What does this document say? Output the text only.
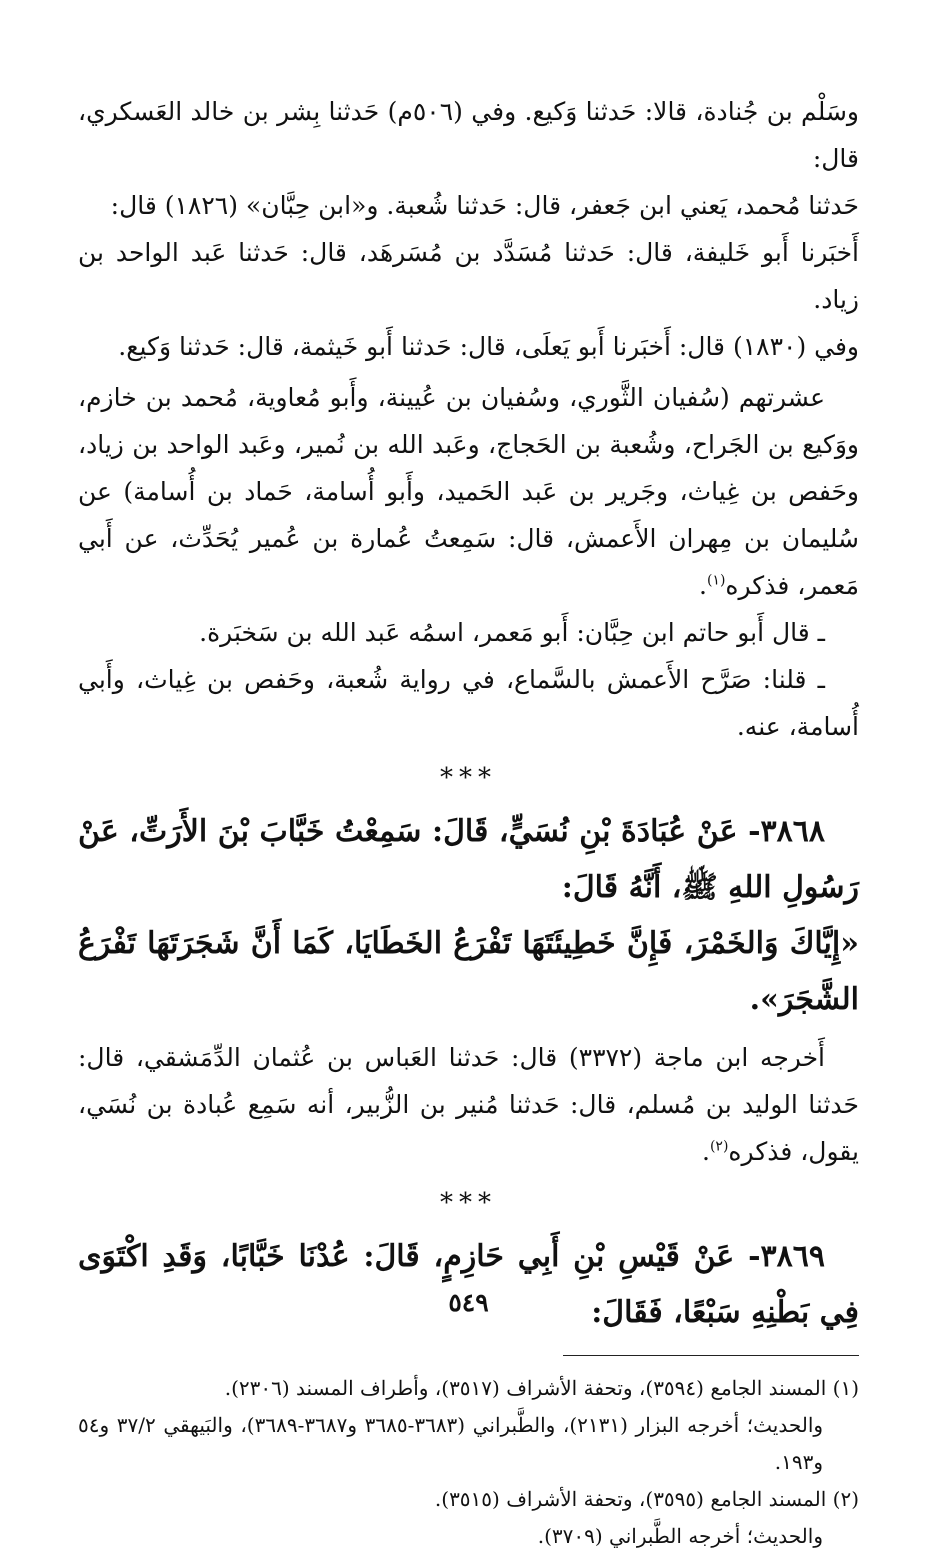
وسَلْم بن جُنادة، قالا: حَدثنا وَكيع. وفي (٥٠٦م) حَدثنا بِشر بن خالد العَسكري، قال:

حَدثنا مُحمد، يَعني ابن جَعفر، قال: حَدثنا شُعبة. و«ابن حِبَّان» (١٨٢٦) قال:

أَخبَرنا أَبو خَليفة، قال: حَدثنا مُسَدَّد بن مُسَرهَد، قال: حَدثنا عَبد الواحد بن زياد.

وفي (١٨٣٠) قال: أَخبَرنا أَبو يَعلَى، قال: حَدثنا أَبو خَيثمة، قال: حَدثنا وَكيع.

عشرتهم (سُفيان الثَّوري، وسُفيان بن عُيينة، وأَبو مُعاوية، مُحمد بن خازم، ووَكيع بن الجَراح، وشُعبة بن الحَجاج، وعَبد الله بن نُمير، وعَبد الواحد بن زياد، وحَفص بن غِياث، وجَرير بن عَبد الحَميد، وأَبو أُسامة، حَماد بن أُسامة) عن سُليمان بن مِهران الأَعمش، قال: سَمِعتُ عُمارة بن عُمير يُحَدِّث، عن أَبي مَعمر، فذكره$^{(١)}$.

ـ قال أَبو حاتم ابن حِبَّان: أَبو مَعمر، اسمُه عَبد الله بن سَخبَرة.

ـ قلنا: صَرَّح الأَعمش بالسَّماع، في رواية شُعبة، وحَفص بن غِياث، وأَبي أُسامة، عنه.

***

٣٨٦٨- عَنْ عُبَادَةَ بْنِ نُسَيٍّ، قَالَ: سَمِعْتُ خَبَّابَ بْنَ الأَرَتِّ، عَنْ رَسُولِ اللهِ ﷺ، أَنَّهُ قَالَ:

«إِيَّاكَ وَالخَمْرَ، فَإِنَّ خَطِيئَتَهَا تَفْرَعُ الخَطَايَا، كَمَا أَنَّ شَجَرَتَهَا تَفْرَعُ الشَّجَرَ».

أَخرجه ابن ماجة (٣٣٧٢) قال: حَدثنا العَباس بن عُثمان الدِّمَشقي، قال: حَدثنا الوليد بن مُسلم، قال: حَدثنا مُنير بن الزُّبير، أنه سَمِع عُبادة بن نُسَي، يقول، فذكره$^{(٢)}$.

***

٣٨٦٩- عَنْ قَيْسِ بْنِ أَبِي حَازِمٍ، قَالَ: عُدْنَا خَبَّابًا، وَقَدِ اكْتَوَى فِي بَطْنِهِ سَبْعًا، فَقَالَ:

(١) المسند الجامع (٣٥٩٤)، وتحفة الأشراف (٣٥١٧)، وأطراف المسند (٢٣٠٦).

والحديث؛ أخرجه البزار (٢١٣١)، والطَّبراني (٣٦٨٣-٣٦٨٥ و٣٦٨٧-٣٦٨٩)، والبَيهقي ٣٧/٢ و٥٤ و١٩٣.

(٢) المسند الجامع (٣٥٩٥)، وتحفة الأشراف (٣٥١٥).

والحديث؛ أخرجه الطَّبراني (٣٧٠٩).

٥٤٩
